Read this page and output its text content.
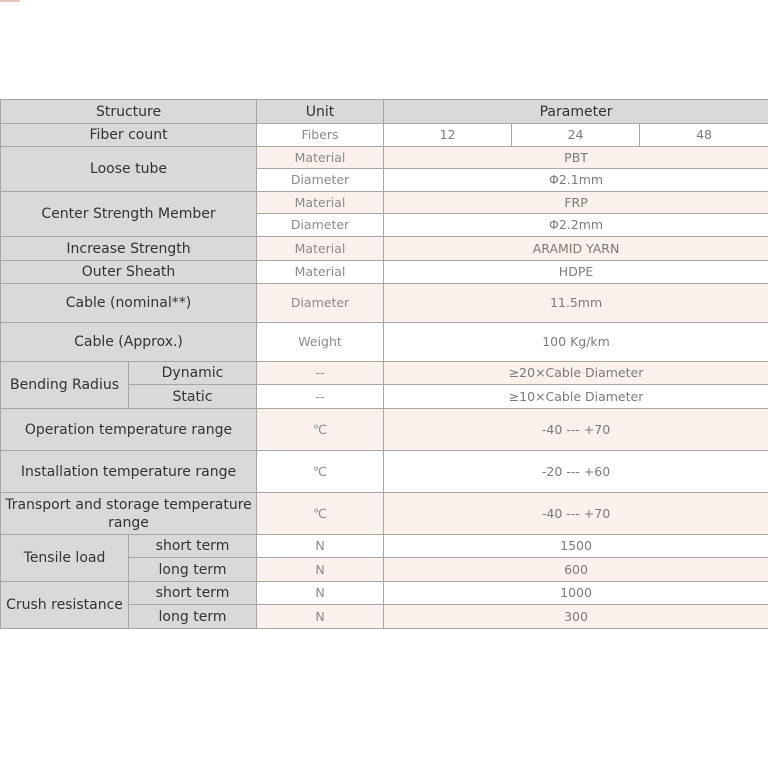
Structure		Unit	Parameter		
Fiber count		Fibers	12	24	48
Loose tube		Material	PBT		
		Diameter	Φ2.1mm		
Center Strength Member		Material	FRP		
		Diameter	Φ2.2mm		
Increase Strength		Material	ARAMID YARN		
Outer Sheath		Material	HDPE		
Cable (nominal**)		Diameter	11.5mm		
Cable (Approx.)		Weight	100 Kg/km		
Bending Radius	Dynamic	--	≥20×Cable Diameter		
	Static	--	≥10×Cable Diameter		
Operation temperature range		℃	-40 --- +70		
Installation temperature range		℃	-20 --- +60		
Transport and storage temperature range		℃	-40 --- +70		
Tensile load	short term	N	1500		
	long term	N	600		
Crush resistance	short term	N	1000		
	long term	N	300		
